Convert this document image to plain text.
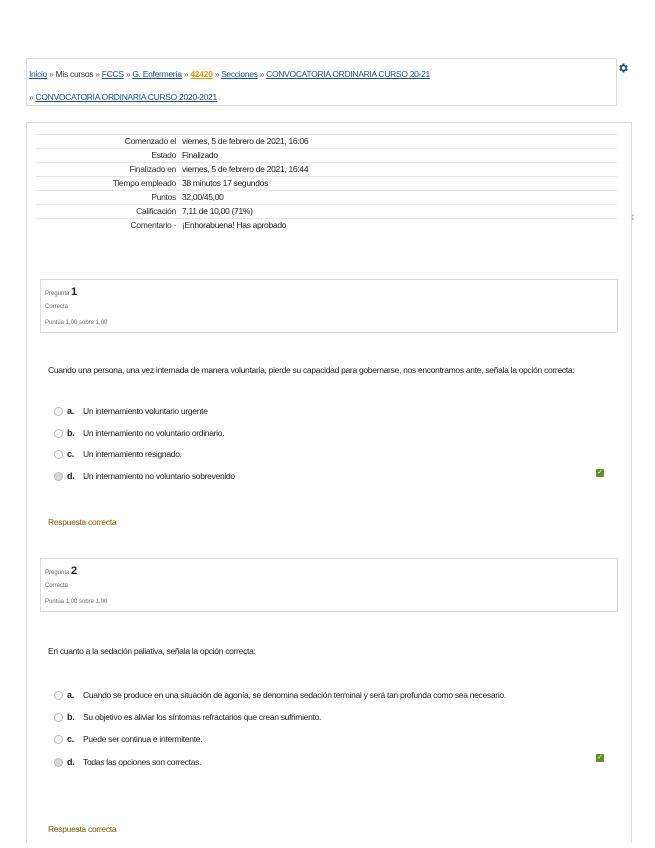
Inicio » Mis cursos » FCCS » G. Enfermería » 42420 » Secciones » CONVOCATORIA ORDINARIA CURSO 20-21
» CONVOCATORIA ORDINARIA CURSO 2020-2021
‹
Comenzado el	viernes, 5 de febrero de 2021, 16:06
Estado	Finalizado
Finalizado en	viernes, 5 de febrero de 2021, 16:44
Tiempo empleado	38 minutos 17 segundos
Puntos	32,00/45,00
Calificación	7,11 de 10,00 (71%)
Comentario -	¡Enhorabuena! Has aprobado
Pregunta 1
Correcta
Puntúa 1,00 sobre 1,00
Cuando una persona, una vez internada de manera voluntaria, pierde su capacidad para gobernarse, nos encontramos ante, señala la opción correcta:
a. Un internamiento voluntario urgente
b. Un internamiento no voluntario ordinario.
c. Un internamiento resignado.
d. Un internamiento no voluntario sobrevenido	✓
Respuesta correcta
Pregunta 2
Correcta
Puntúa 1,00 sobre 1,00
En cuanto a la sedación paliativa, señala la opción correcta:
a. Cuando se produce en una situación de agonía, se denomina sedación terminal y será tan profunda como sea necesario.
b. Su objetivo es aliviar los síntomas refractarios que crean sufrimiento.
c. Puede ser continua e intermitente.
d. Todas las opciones son correctas.	✓
Respuesta correcta
